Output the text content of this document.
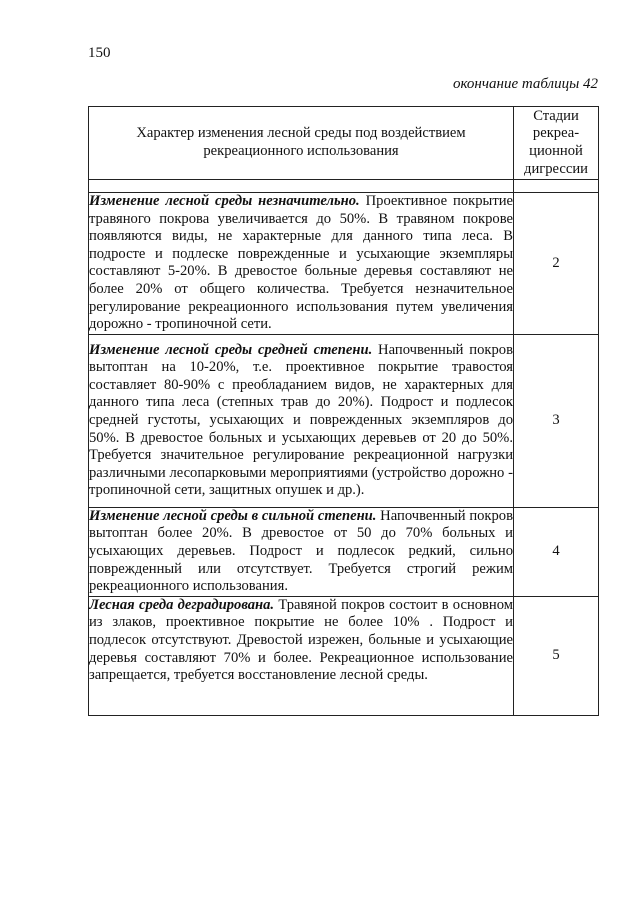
150
окончание таблицы 42
Характер изменения лесной среды под воздействием рекреационного использования	Стадии рекреа-ционной дигрессии

Изменение лесной среды незначительно. Проективное покрытие травяного покрова увеличивается до 50%. В травяном покрове появляются виды, не характерные для данного типа леса. В подросте и подлеске поврежденные и усыхающие экземпляры составляют 5-20%. В древостое больные деревья составляют не более 20% от общего количества. Требуется незначительное регулирование рекреационного использования путем увеличения дорожно - тропиночной сети.	2
Изменение лесной среды средней степени. Напочвенный покров вытоптан на 10-20%, т.е. проективное покрытие травостоя составляет 80-90% с преобладанием видов, не характерных для данного типа леса (степных трав до 20%). Подрост и подлесок средней густоты, усыхающих и поврежденных экземпляров до 50%. В древостое больных и усыхающих деревьев от 20 до 50%. Требуется значительное регулирование рекреационной нагрузки различными лесопарковыми мероприятиями (устройство дорожно - тропиночной сети, защитных опушек и др.).	3
Изменение лесной среды в сильной степени. Напочвенный покров вытоптан более 20%. В древостое от 50 до 70% больных и усыхающих деревьев. Подрост и подлесок редкий, сильно поврежденный или отсутствует. Требуется строгий режим рекреационного использования.	4
Лесная среда деградирована. Травяной покров состоит в основном из злаков, проективное покрытие не более 10% . Подрост и подлесок отсутствуют. Древостой изрежен, больные и усыхающие деревья составляют 70% и более. Рекреационное использование запрещается, требуется восстановление лесной среды.	5
